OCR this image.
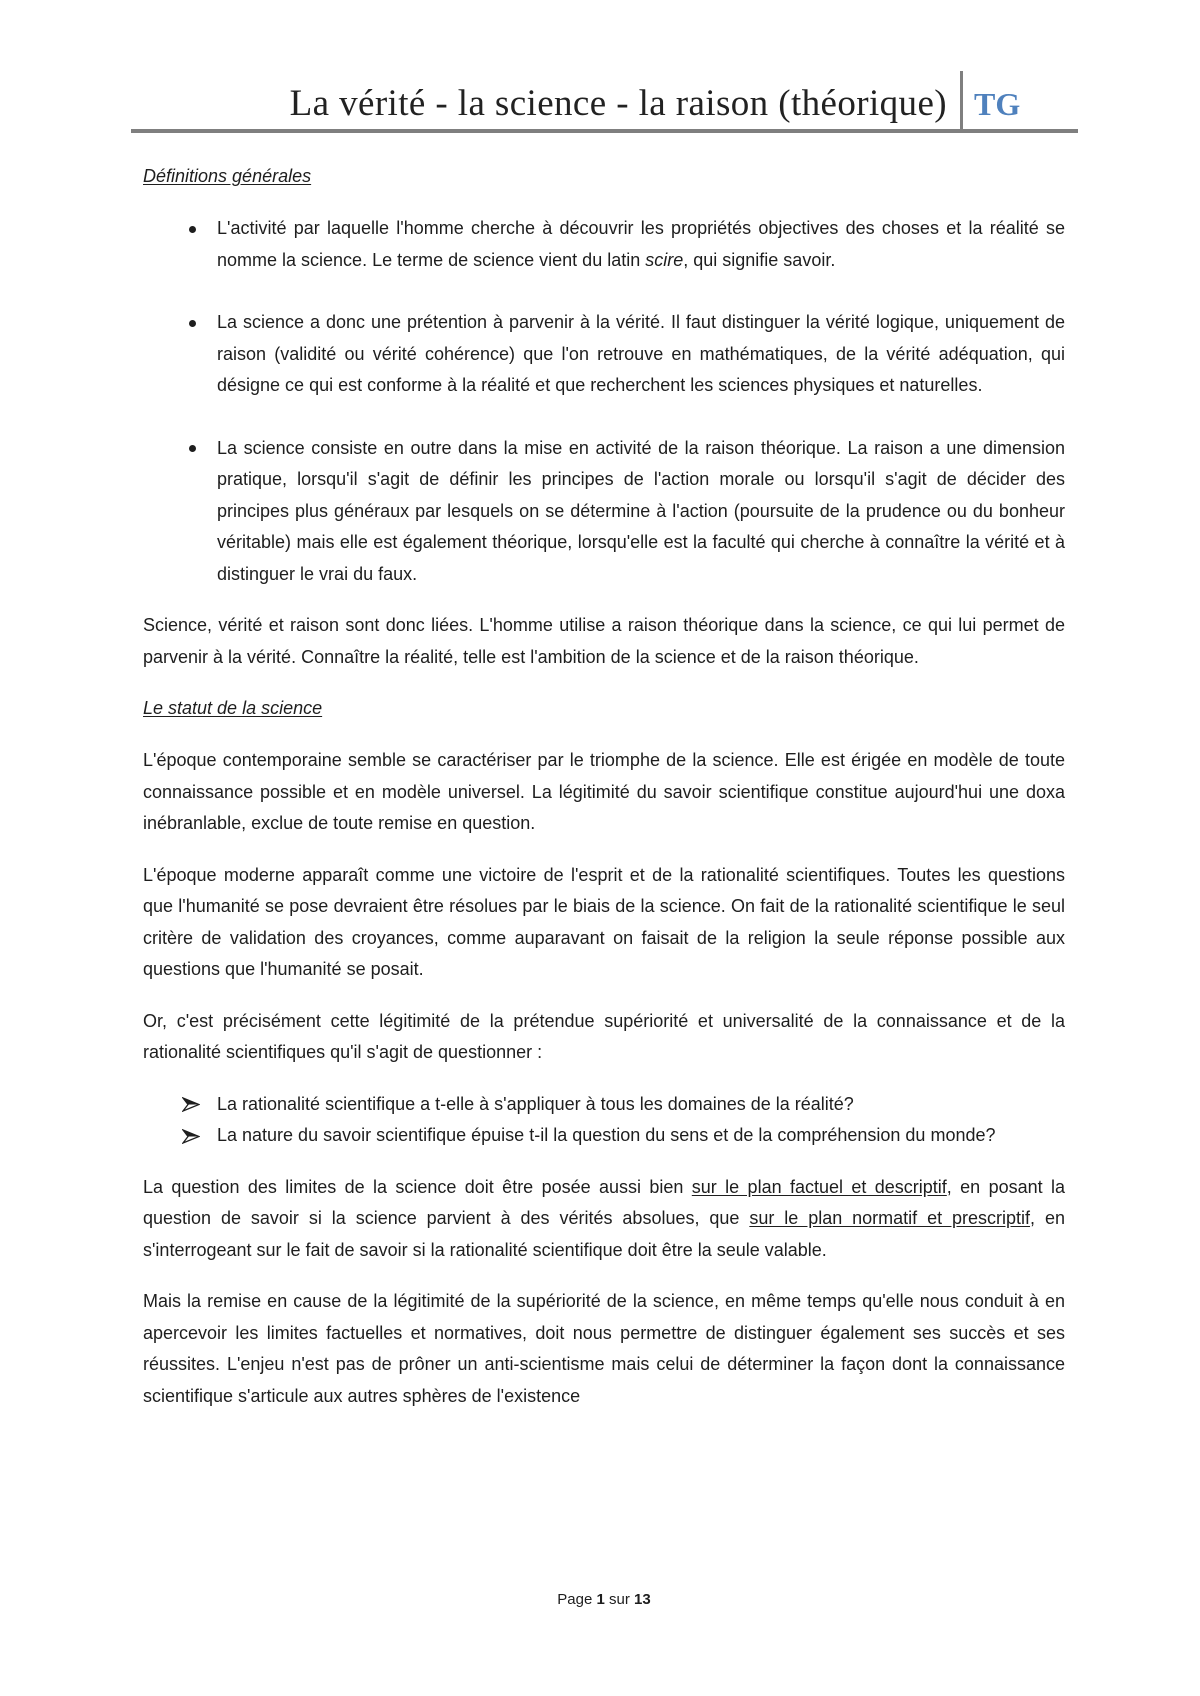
La vérité - la science - la raison (théorique) TG

Définitions générales

L'activité par laquelle l'homme cherche à découvrir les propriétés objectives des choses et la réalité se nomme la science. Le terme de science vient du latin scire, qui signifie savoir.
La science a donc une prétention à parvenir à la vérité. Il faut distinguer la vérité logique, uniquement de raison (validité ou vérité cohérence) que l'on retrouve en mathématiques, de la vérité adéquation, qui désigne ce qui est conforme à la réalité et que recherchent les sciences physiques et naturelles.
La science consiste en outre dans la mise en activité de la raison théorique. La raison a une dimension pratique, lorsqu'il s'agit de définir les principes de l'action morale ou lorsqu'il s'agit de décider des principes plus généraux par lesquels on se détermine à l'action (poursuite de la prudence ou du bonheur véritable) mais elle est également théorique, lorsqu'elle est la faculté qui cherche à connaître la vérité et à distinguer le vrai du faux.

Science, vérité et raison sont donc liées. L'homme utilise a raison théorique dans la science, ce qui lui permet de parvenir à la vérité. Connaître la réalité, telle est l'ambition de la science et de la raison théorique.

Le statut de la science

L'époque contemporaine semble se caractériser par le triomphe de la science. Elle est érigée en modèle de toute connaissance possible et en modèle universel. La légitimité du savoir scientifique constitue aujourd'hui une doxa inébranlable, exclue de toute remise en question.

L'époque moderne apparaît comme une victoire de l'esprit et de la rationalité scientifiques. Toutes les questions que l'humanité se pose devraient être résolues par le biais de la science. On fait de la rationalité scientifique le seul critère de validation des croyances, comme auparavant on faisait de la religion la seule réponse possible aux questions que l'humanité se posait.

Or, c'est précisément cette légitimité de la prétendue supériorité et universalité de la connaissance et de la rationalité scientifiques qu'il s'agit de questionner :

La rationalité scientifique a t-elle à s'appliquer à tous les domaines de la réalité?
La nature du savoir scientifique épuise t-il la question du sens et de la compréhension du monde?

La question des limites de la science doit être posée aussi bien sur le plan factuel et descriptif, en posant la question de savoir si la science parvient à des vérités absolues, que sur le plan normatif et prescriptif, en s'interrogeant sur le fait de savoir si la rationalité scientifique doit être la seule valable.

Mais la remise en cause de la légitimité de la supériorité de la science, en même temps qu'elle nous conduit à en apercevoir les limites factuelles et normatives, doit nous permettre de distinguer également ses succès et ses réussites. L'enjeu n'est pas de prôner un anti-scientisme mais celui de déterminer la façon dont la connaissance scientifique s'articule aux autres sphères de l'existence

Page 1 sur 13
